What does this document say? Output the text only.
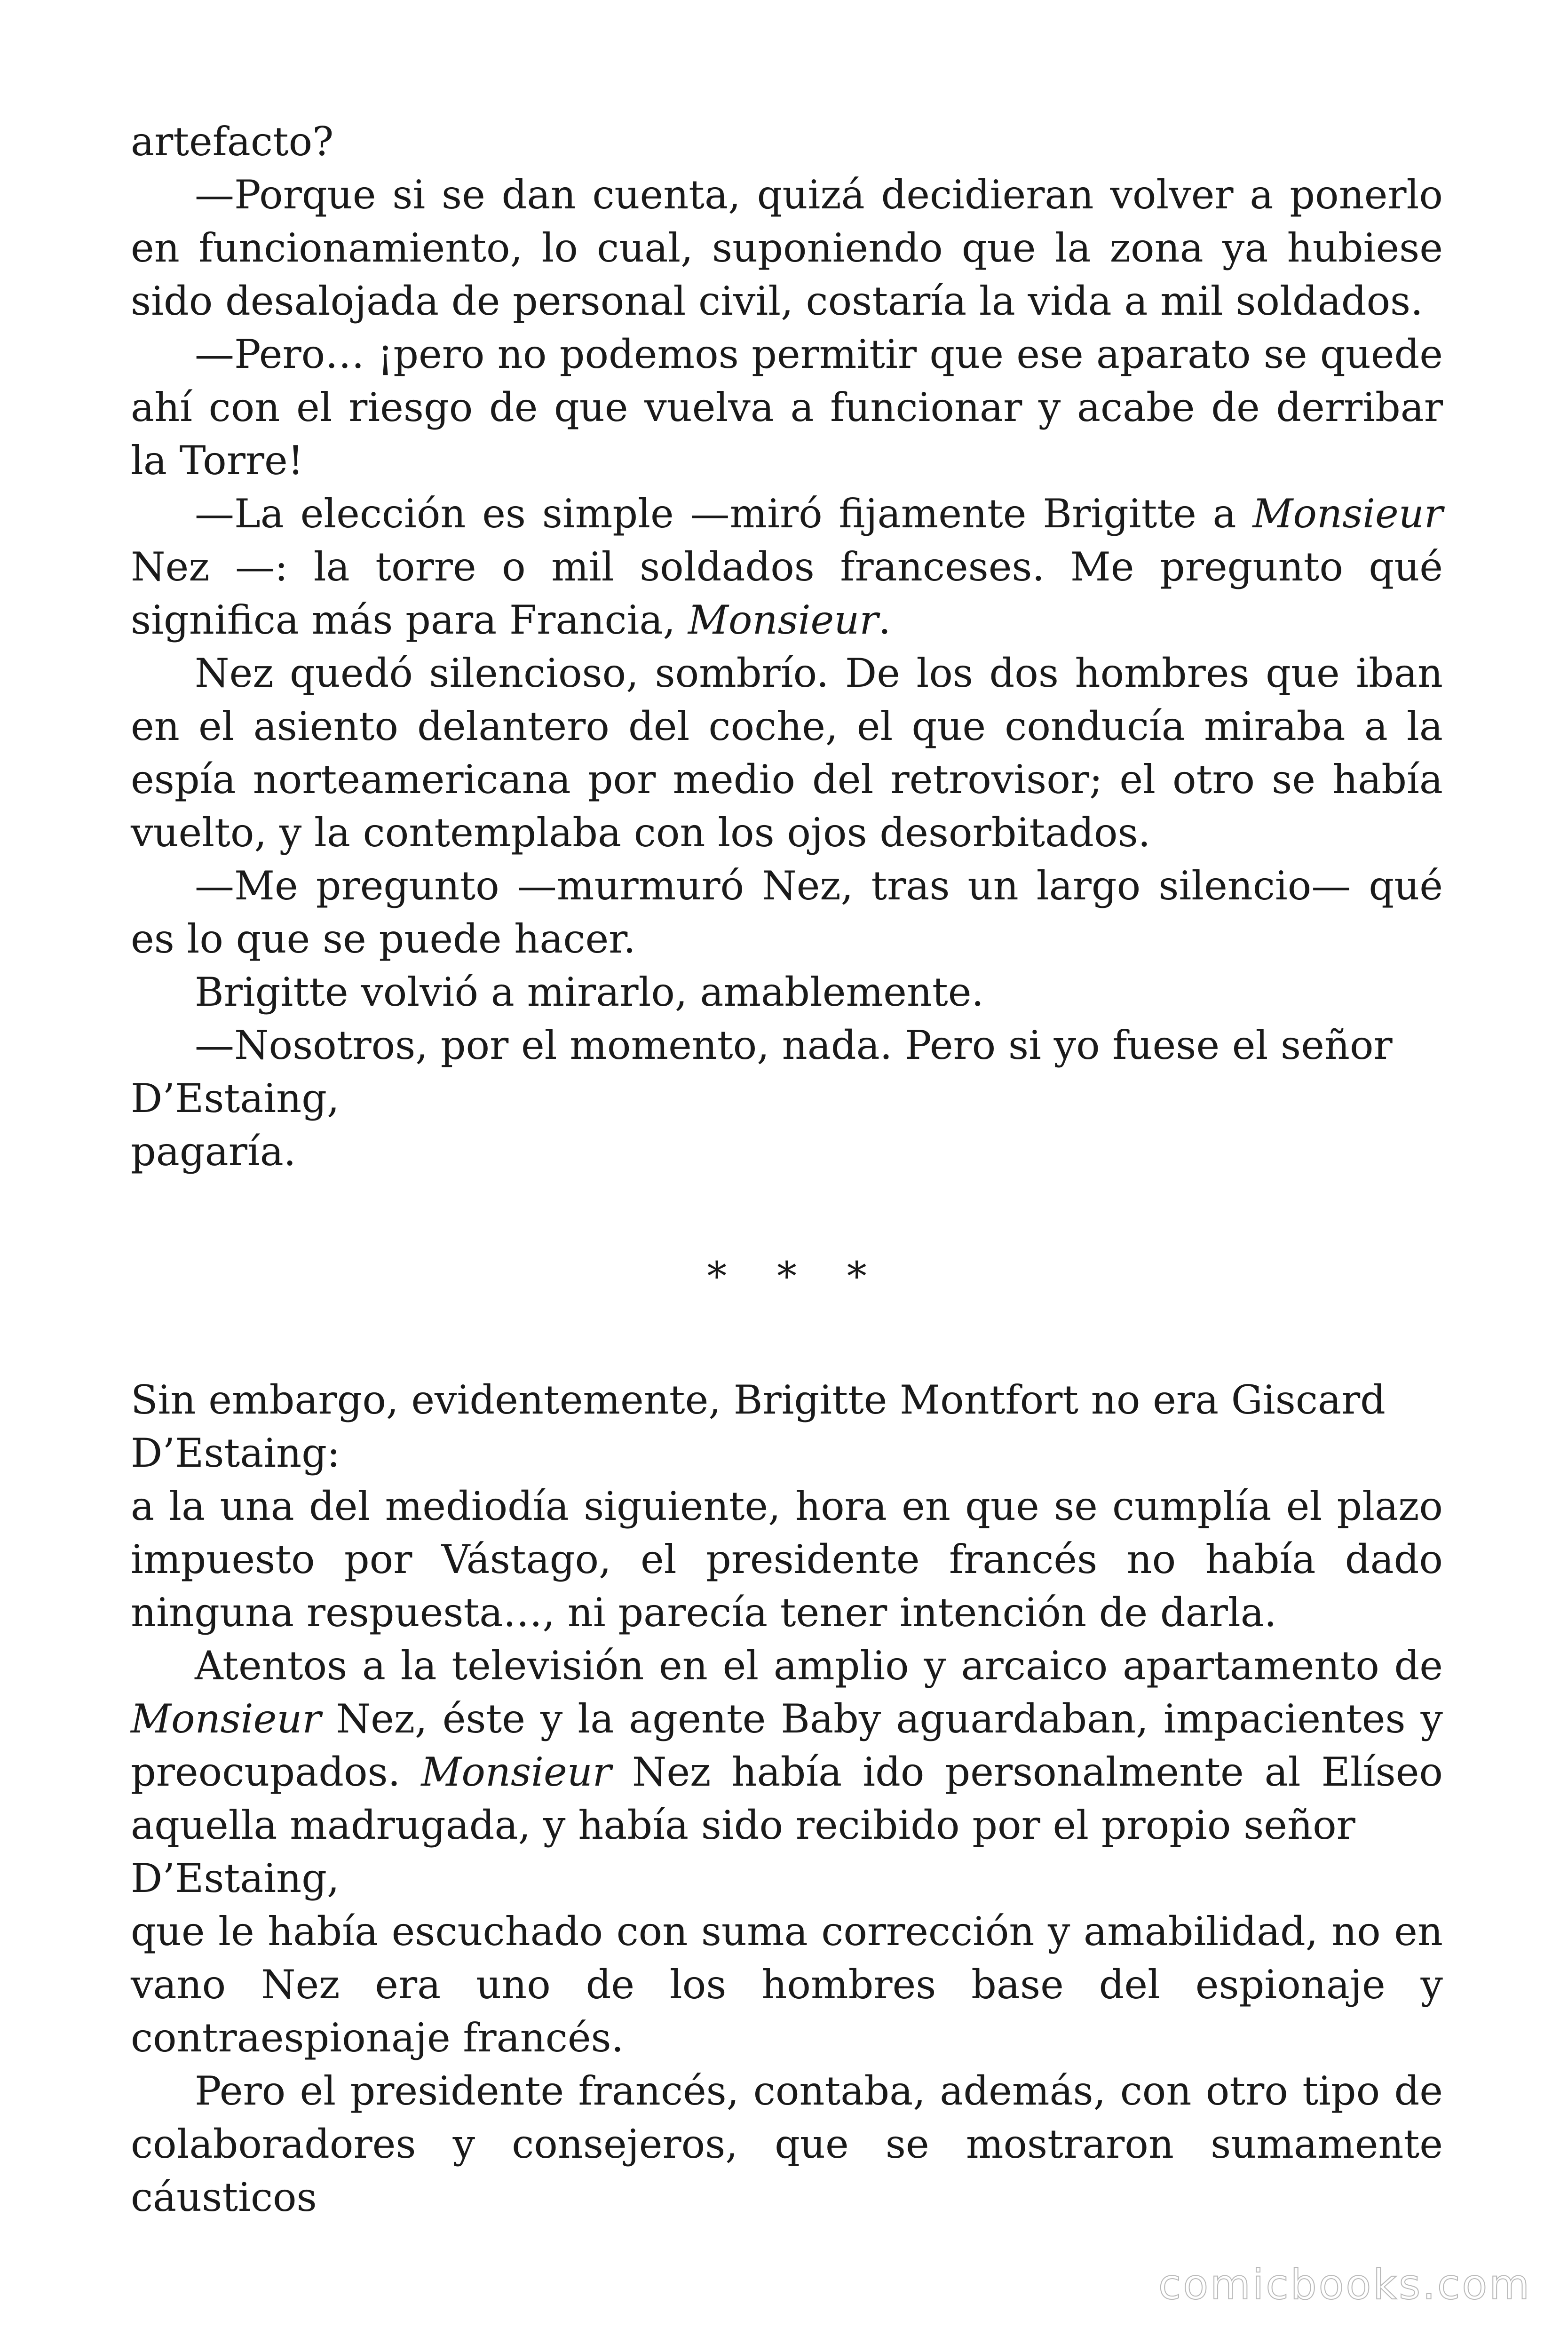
artefacto?

—Porque si se dan cuenta, quizá decidieran volver a ponerlo en funcionamiento, lo cual, suponiendo que la zona ya hubiese sido desalojada de personal civil, costaría la vida a mil soldados.

—Pero… ¡pero no podemos permitir que ese aparato se quede ahí con el riesgo de que vuelva a funcionar y acabe de derribar la Torre!

—La elección es simple —miró fijamente Brigitte a Monsieur Nez —: la torre o mil soldados franceses. Me pregunto qué significa más para Francia, Monsieur.

Nez quedó silencioso, sombrío. De los dos hombres que iban en el asiento delantero del coche, el que conducía miraba a la espía norteamericana por medio del retrovisor; el otro se había vuelto, y la contemplaba con los ojos desorbitados.

—Me pregunto —murmuró Nez, tras un largo silencio— qué es lo que se puede hacer.

Brigitte volvió a mirarlo, amablemente.

—Nosotros, por el momento, nada. Pero si yo fuese el señor

D’Estaing,

pagaría.

* * *

Sin embargo, evidentemente, Brigitte Montfort no era Giscard

D’Estaing:

a la una del mediodía siguiente, hora en que se cumplía el plazo impuesto por Vástago, el presidente francés no había dado ninguna respuesta…, ni parecía tener intención de darla.

Atentos a la televisión en el amplio y arcaico apartamento de Monsieur Nez, éste y la agente Baby aguardaban, impacientes y preocupados. Monsieur Nez había ido personalmente al Elíseo aquella madrugada, y había sido recibido por el propio señor

D’Estaing,

que le había escuchado con suma corrección y amabilidad, no en vano Nez era uno de los hombres base del espionaje y contraespionaje francés.

Pero el presidente francés, contaba, además, con otro tipo de colaboradores y consejeros, que se mostraron sumamente cáusticos

comicbooks.com
